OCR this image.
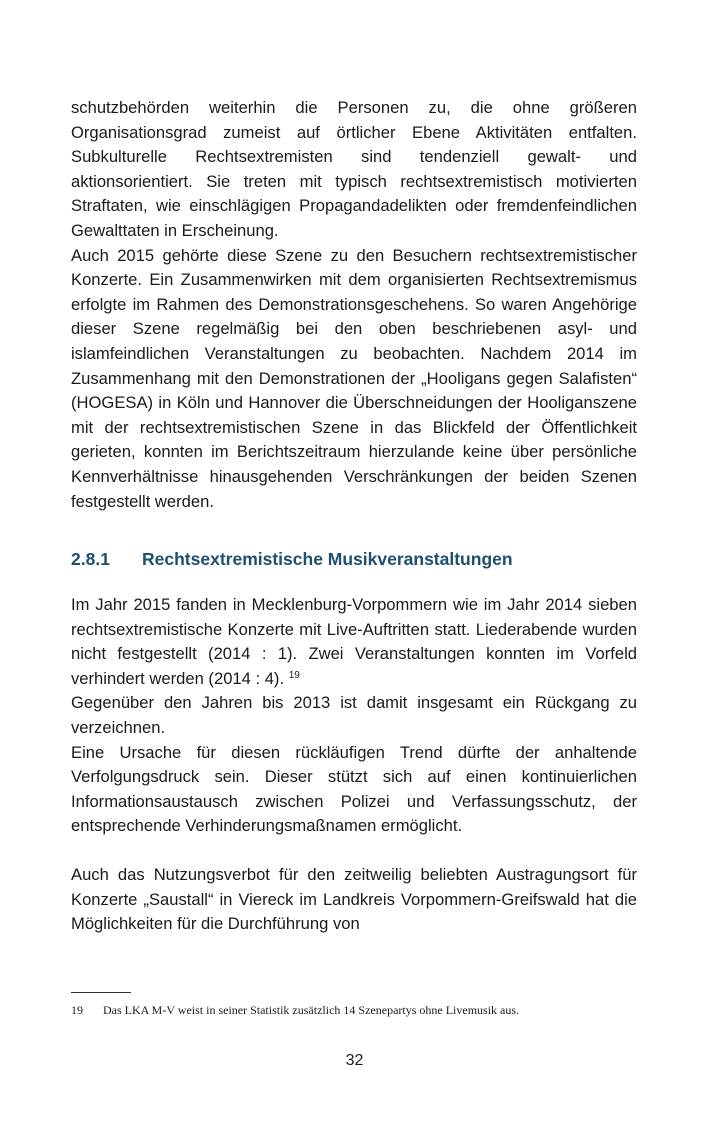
schutzbehörden weiterhin die Personen zu, die ohne größeren Organisationsgrad zumeist auf örtlicher Ebene Aktivitäten entfalten. Subkulturelle Rechtsextremisten sind tendenziell gewalt- und aktionsorientiert. Sie treten mit typisch rechtsextremistisch motivierten Straftaten, wie einschlägigen Propagandadelikten oder fremdenfeindlichen Gewalttaten in Erscheinung.

Auch 2015 gehörte diese Szene zu den Besuchern rechtsextremistischer Konzerte. Ein Zusammenwirken mit dem organisierten Rechtsextremismus erfolgte im Rahmen des Demonstrationsgeschehens. So waren Angehörige dieser Szene regelmäßig bei den oben beschriebenen asyl- und islamfeindlichen Veranstaltungen zu beobachten. Nachdem 2014 im Zusammenhang mit den Demonstrationen der „Hooligans gegen Salafisten“ (HOGESA) in Köln und Hannover die Überschneidungen der Hooliganszene mit der rechtsextremistischen Szene in das Blickfeld der Öffentlichkeit gerieten, konnten im Berichtszeitraum hierzulande keine über persönliche Kennverhältnisse hinausgehenden Verschränkungen der beiden Szenen festgestellt werden.

2.8.1	Rechtsextremistische Musikveranstaltungen

Im Jahr 2015 fanden in Mecklenburg-Vorpommern wie im Jahr 2014 sieben rechtsextremistische Konzerte mit Live-Auftritten statt. Liederabende wurden nicht festgestellt (2014 : 1). Zwei Veranstaltungen konnten im Vorfeld verhindert werden (2014 : 4). $^{19}$

Gegenüber den Jahren bis 2013 ist damit insgesamt ein Rückgang zu verzeichnen.

Eine Ursache für diesen rückläufigen Trend dürfte der anhaltende Verfolgungsdruck sein. Dieser stützt sich auf einen kontinuierlichen Informationsaustausch zwischen Polizei und Verfassungsschutz, der entsprechende Verhinderungsmaßnamen ermöglicht.

Auch das Nutzungsverbot für den zeitweilig beliebten Austragungsort für Konzerte „Saustall“ in Viereck im Landkreis Vorpommern-Greifswald hat die Möglichkeiten für die Durchführung von

19	Das LKA M-V weist in seiner Statistik zusätzlich 14 Szenepartys ohne Livemusik aus.
32
